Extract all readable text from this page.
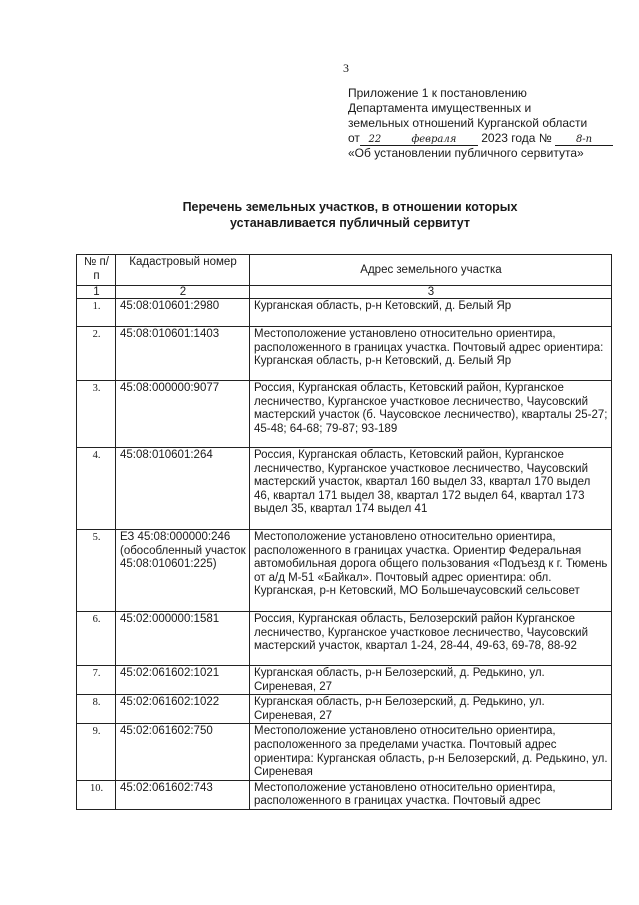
3
Приложение 1 к постановлению
Департамента имущественных и
земельных отношений Курганской области
от 22	февраля 2023 года № 8-п
«Об установлении публичного сервитута»
Перечень земельных участков, в отношении которых
устанавливается публичный сервитут
№ п/п	Кадастровый номер	Адрес земельного участка
1	2	3
1.	45:08:010601:2980	Курганская область, р-н Кетовский, д. Белый Яр
2.	45:08:010601:1403	Местоположение установлено относительно ориентира, расположенного в границах участка. Почтовый адрес ориентира: Курганская область, р-н Кетовский, д. Белый Яр
3.	45:08:000000:9077	Россия, Курганская область, Кетовский район, Курганское лесничество, Курганское участковое лесничество, Чаусовский мастерский участок (б. Чаусовское лесничество), кварталы 25-27; 45-48; 64-68; 79-87; 93-189
4.	45:08:010601:264	Россия, Курганская область, Кетовский район, Курганское лесничество, Курганское участковое лесничество, Чаусовский мастерский участок, квартал 160 выдел 33, квартал 170 выдел 46, квартал 171 выдел 38, квартал 172 выдел 64, квартал 173 выдел 35, квартал 174 выдел 41
5.	ЕЗ 45:08:000000:246 (обособленный участок 45:08:010601:225)	Местоположение установлено относительно ориентира, расположенного в границах участка. Ориентир Федеральная автомобильная дорога общего пользования «Подъезд к г. Тюмень от а/д М-51 «Байкал». Почтовый адрес ориентира: обл. Курганская, р-н Кетовский, МО Большечаусовский сельсовет
6.	45:02:000000:1581	Россия, Курганская область, Белозерский район Курганское лесничество, Курганское участковое лесничество, Чаусовский мастерский участок, квартал 1-24, 28-44, 49-63, 69-78, 88-92
7.	45:02:061602:1021	Курганская область, р-н Белозерский, д. Редькино, ул. Сиреневая, 27
8.	45:02:061602:1022	Курганская область, р-н Белозерский, д. Редькино, ул. Сиреневая, 27
9.	45:02:061602:750	Местоположение установлено относительно ориентира, расположенного за пределами участка. Почтовый адрес ориентира: Курганская область, р-н Белозерский, д. Редькино, ул. Сиреневая
10.	45:02:061602:743	Местоположение установлено относительно ориентира, расположенного в границах участка. Почтовый адрес
